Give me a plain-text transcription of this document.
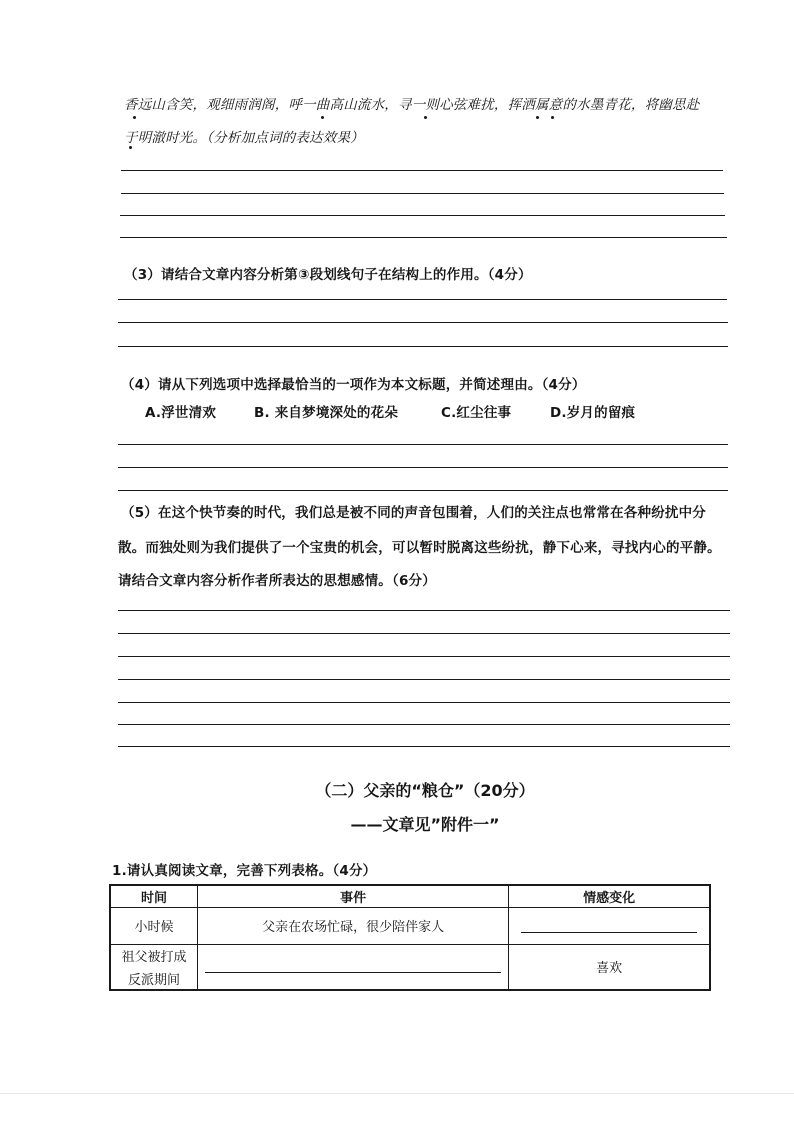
香远山含笑，观细雨润阁，呼一曲高山流水，寻一则心弦难扰，挥洒属意的水墨青花，将幽思赴
于明澈时光。（分析加点词的表达效果）
（3）请结合文章内容分析第③段划线句子在结构上的作用。（4分）
（4）请从下列选项中选择最恰当的一项作为本文标题，并简述理由。（4分）
A.浮世清欢	B. 来自梦境深处的花朵	C.红尘往事	D.岁月的留痕
（5）在这个快节奏的时代，我们总是被不同的声音包围着，人们的关注点也常常在各种纷扰中分
散。而独处则为我们提供了一个宝贵的机会，可以暂时脱离这些纷扰，静下心来，寻找内心的平静。
请结合文章内容分析作者所表达的思想感情。（6分）
（二）父亲的“粮仓”（20分）
——文章见”附件一”
1.请认真阅读文章，完善下列表格。（4分）
时间	事件	情感变化
小时候	父亲在农场忙碌，很少陪伴家人	

祖父被打成
反派期间		喜欢
